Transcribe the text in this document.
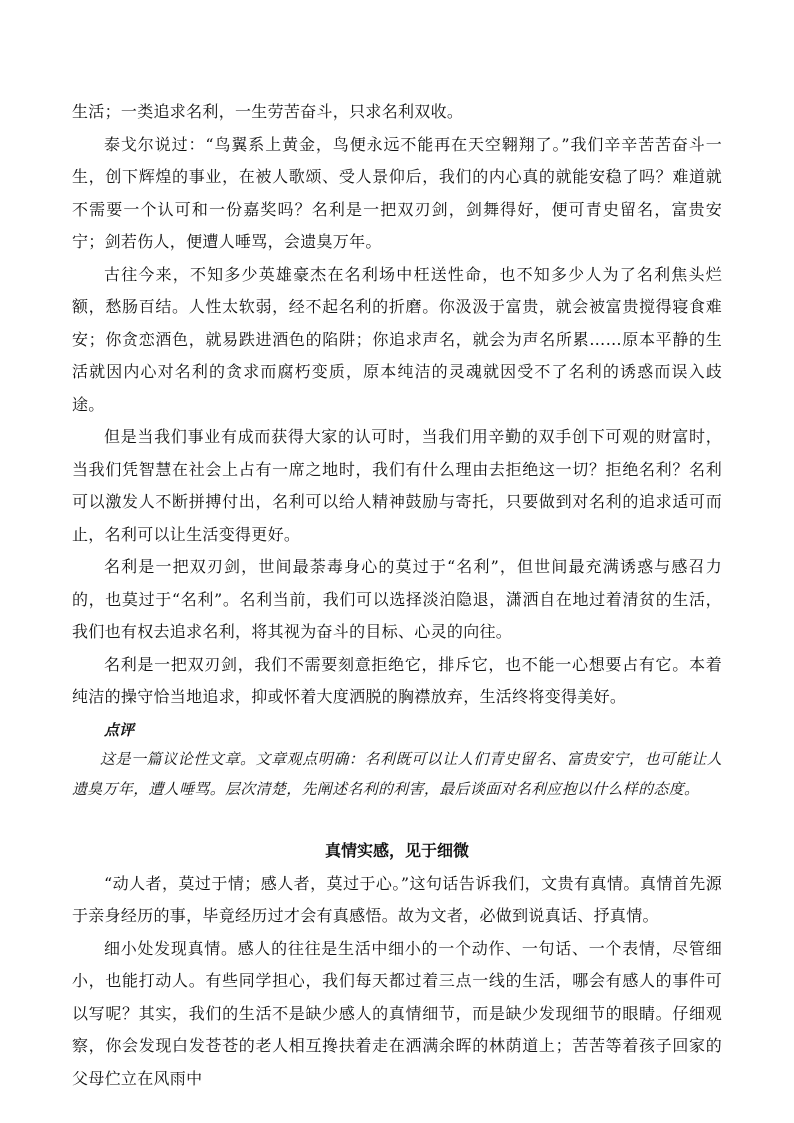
生活；一类追求名利，一生劳苦奋斗，只求名利双收。

泰戈尔说过：“鸟翼系上黄金，鸟便永远不能再在天空翱翔了。”我们辛辛苦苦奋斗一生，创下辉煌的事业，在被人歌颂、受人景仰后，我们的内心真的就能安稳了吗？难道就不需要一个认可和一份嘉奖吗？名利是一把双刃剑，剑舞得好，便可青史留名，富贵安宁；剑若伤人，便遭人唾骂，会遗臭万年。

古往今来，不知多少英雄豪杰在名利场中枉送性命，也不知多少人为了名利焦头烂额，愁肠百结。人性太软弱，经不起名利的折磨。你汲汲于富贵，就会被富贵搅得寝食难安；你贪恋酒色，就易跌进酒色的陷阱；你追求声名，就会为声名所累……原本平静的生活就因内心对名利的贪求而腐朽变质，原本纯洁的灵魂就因受不了名利的诱惑而误入歧途。

但是当我们事业有成而获得大家的认可时，当我们用辛勤的双手创下可观的财富时，当我们凭智慧在社会上占有一席之地时，我们有什么理由去拒绝这一切？拒绝名利？名利可以激发人不断拼搏付出，名利可以给人精神鼓励与寄托，只要做到对名利的追求适可而止，名利可以让生活变得更好。

名利是一把双刃剑，世间最荼毒身心的莫过于“名利”，但世间最充满诱惑与感召力的，也莫过于“名利”。名利当前，我们可以选择淡泊隐退，潇洒自在地过着清贫的生活，我们也有权去追求名利，将其视为奋斗的目标、心灵的向往。

名利是一把双刃剑，我们不需要刻意拒绝它，排斥它，也不能一心想要占有它。本着纯洁的操守恰当地追求，抑或怀着大度洒脱的胸襟放弃，生活终将变得美好。

点评

这是一篇议论性文章。文章观点明确：名利既可以让人们青史留名、富贵安宁，也可能让人遗臭万年，遭人唾骂。层次清楚，先阐述名利的利害，最后谈面对名利应抱以什么样的态度。

真情实感，见于细微

“动人者，莫过于情；感人者，莫过于心。”这句话告诉我们，文贵有真情。真情首先源于亲身经历的事，毕竟经历过才会有真感悟。故为文者，必做到说真话、抒真情。

细小处发现真情。感人的往往是生活中细小的一个动作、一句话、一个表情，尽管细小，也能打动人。有些同学担心，我们每天都过着三点一线的生活，哪会有感人的事件可以写呢？其实，我们的生活不是缺少感人的真情细节，而是缺少发现细节的眼睛。仔细观察，你会发现白发苍苍的老人相互搀扶着走在洒满余晖的林荫道上；苦苦等着孩子回家的父母伫立在风雨中
